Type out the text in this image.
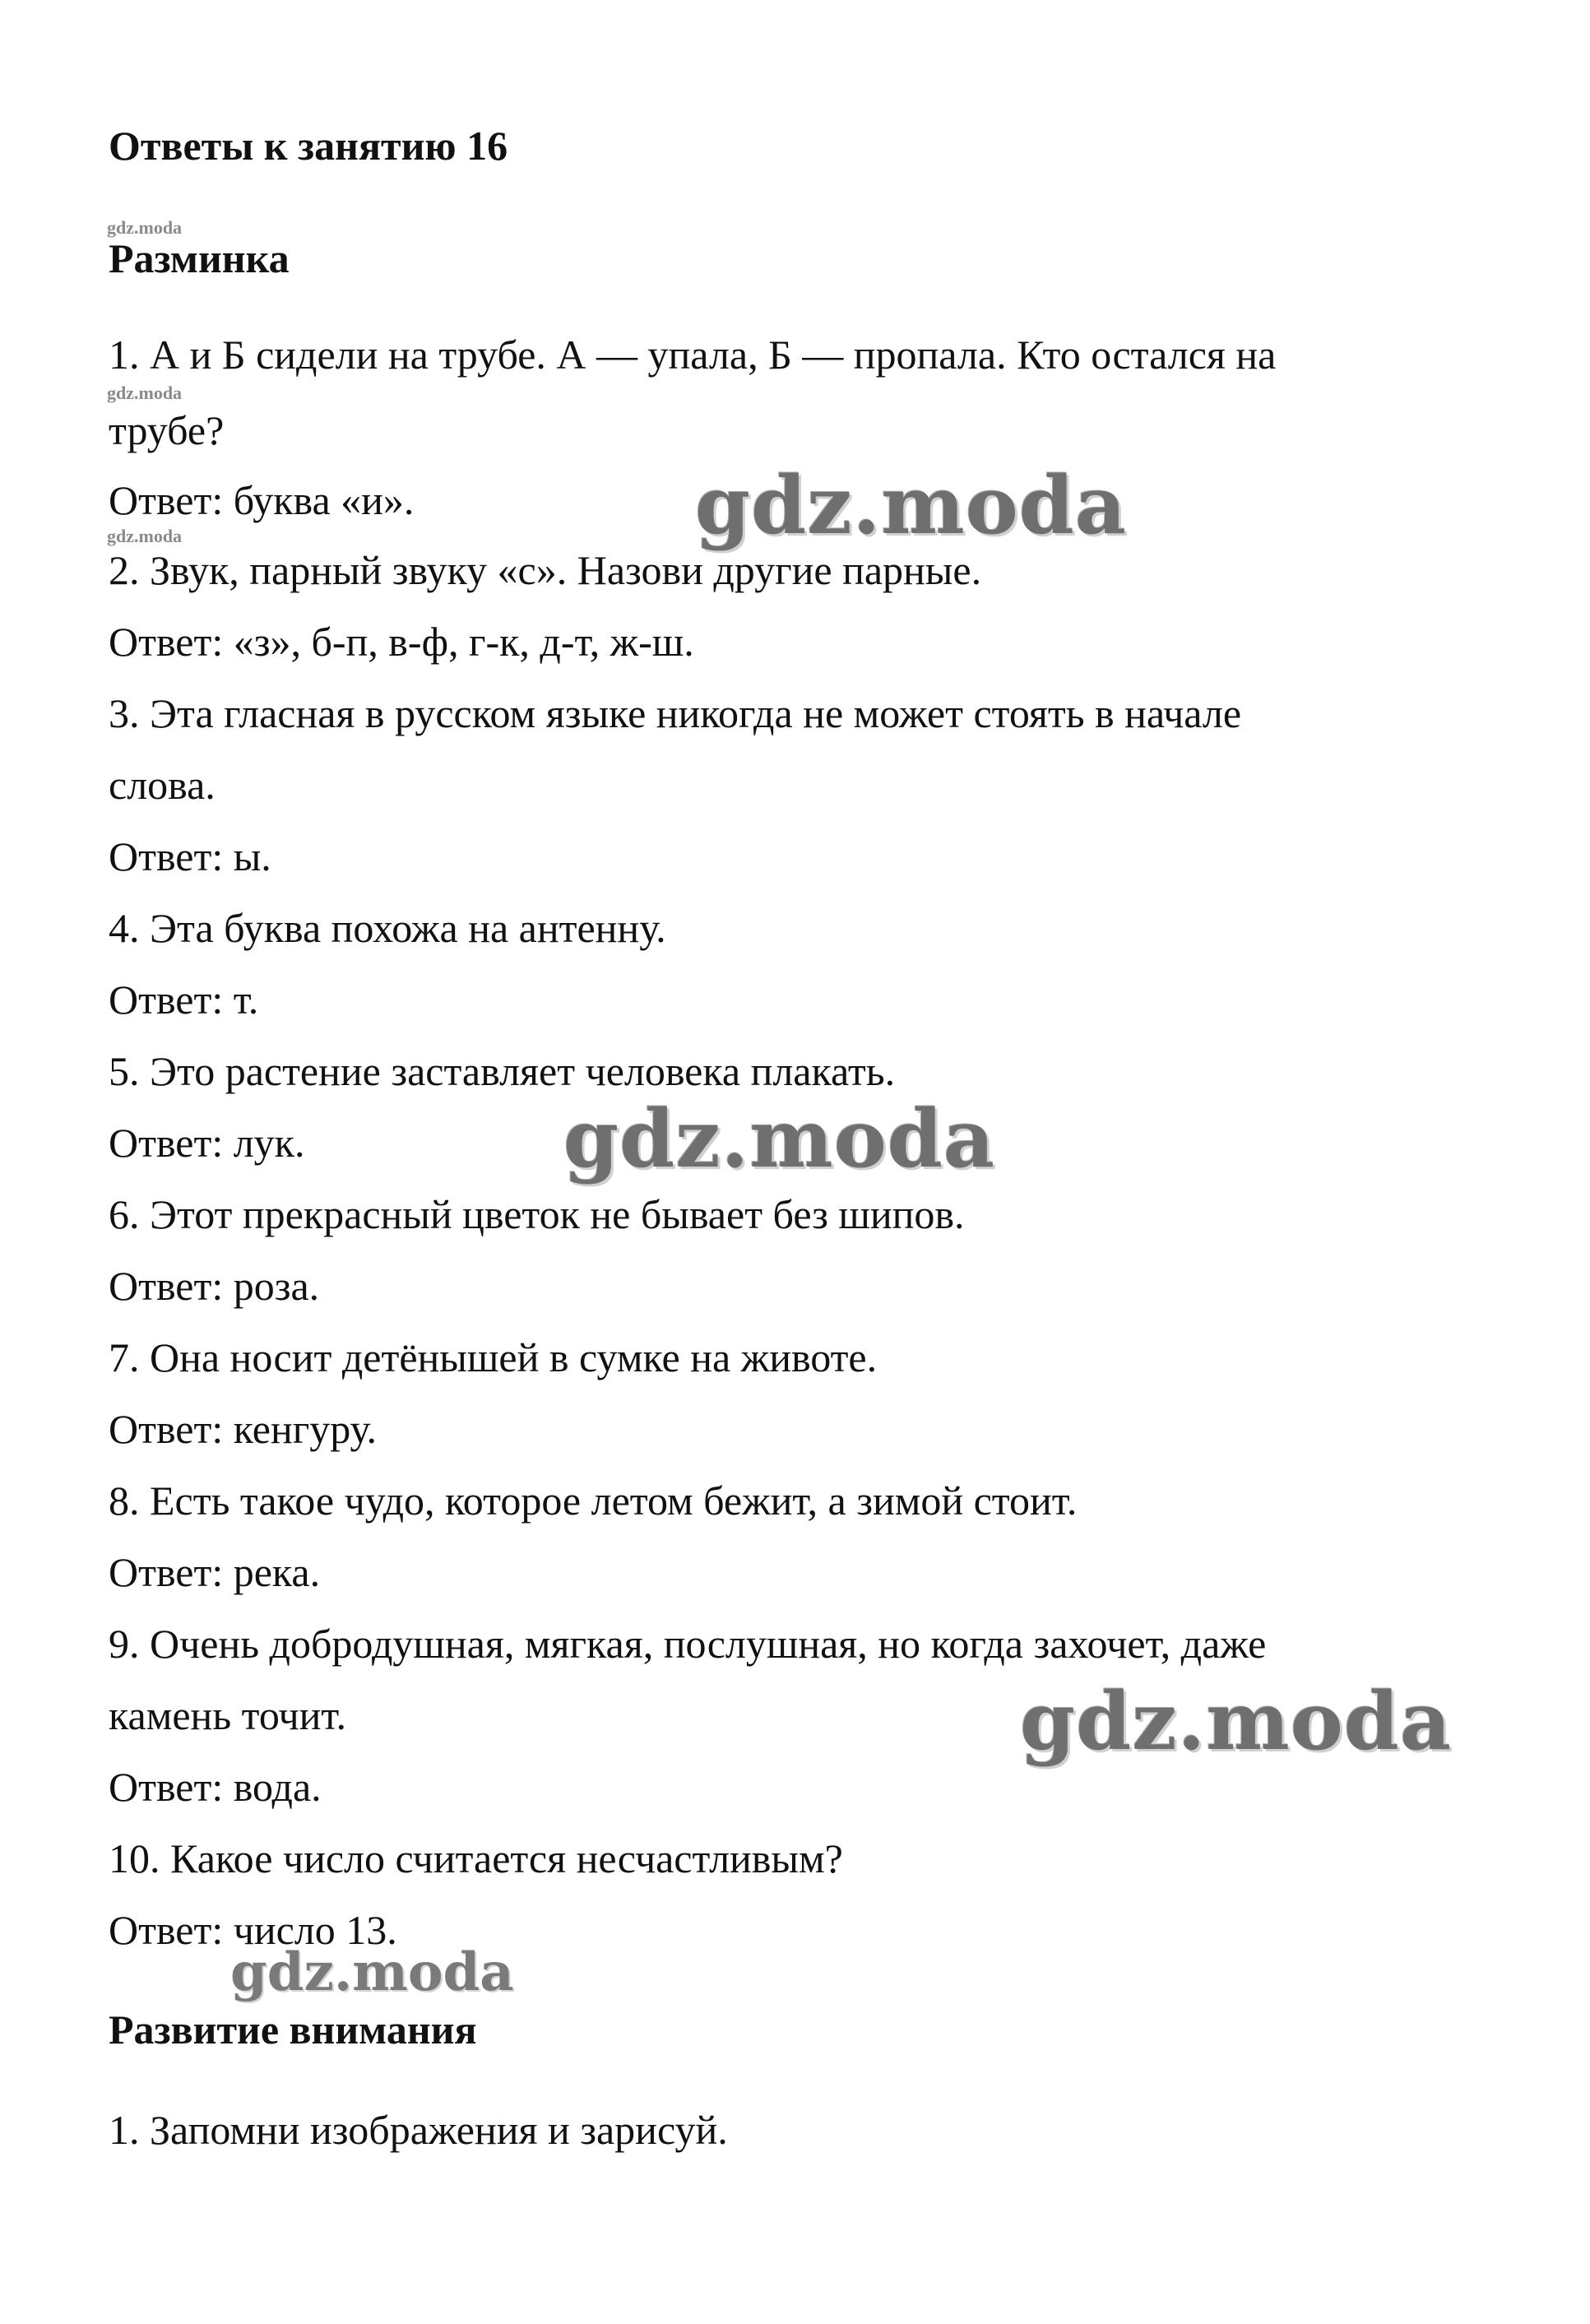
Ответы к занятию 16
gdz.moda
gdz.moda
gdz.moda
Разминка
1. А и Б сидели на трубе. А — упала, Б — пропала. Кто остался на
трубе?
Ответ: буква «и».
2. Звук, парный звуку «с». Назови другие парные.
Ответ: «з», б-п, в-ф, г-к, д-т, ж-ш.
3. Эта гласная в русском языке никогда не может стоять в начале
слова.
Ответ: ы.
4. Эта буква похожа на антенну.
Ответ: т.
5. Это растение заставляет человека плакать.
Ответ: лук.
6. Этот прекрасный цветок не бывает без шипов.
Ответ: роза.
7. Она носит детёнышей в сумке на животе.
Ответ: кенгуру.
8. Есть такое чудо, которое летом бежит, а зимой стоит.
Ответ: река.
9. Очень добродушная, мягкая, послушная, но когда захочет, даже
камень точит.
Ответ: вода.
10. Какое число считается несчастливым?
Ответ: число 13.
Развитие внимания
1. Запомни изображения и зарисуй.
gdz.moda
gdz.moda
gdz.moda
gdz.moda
